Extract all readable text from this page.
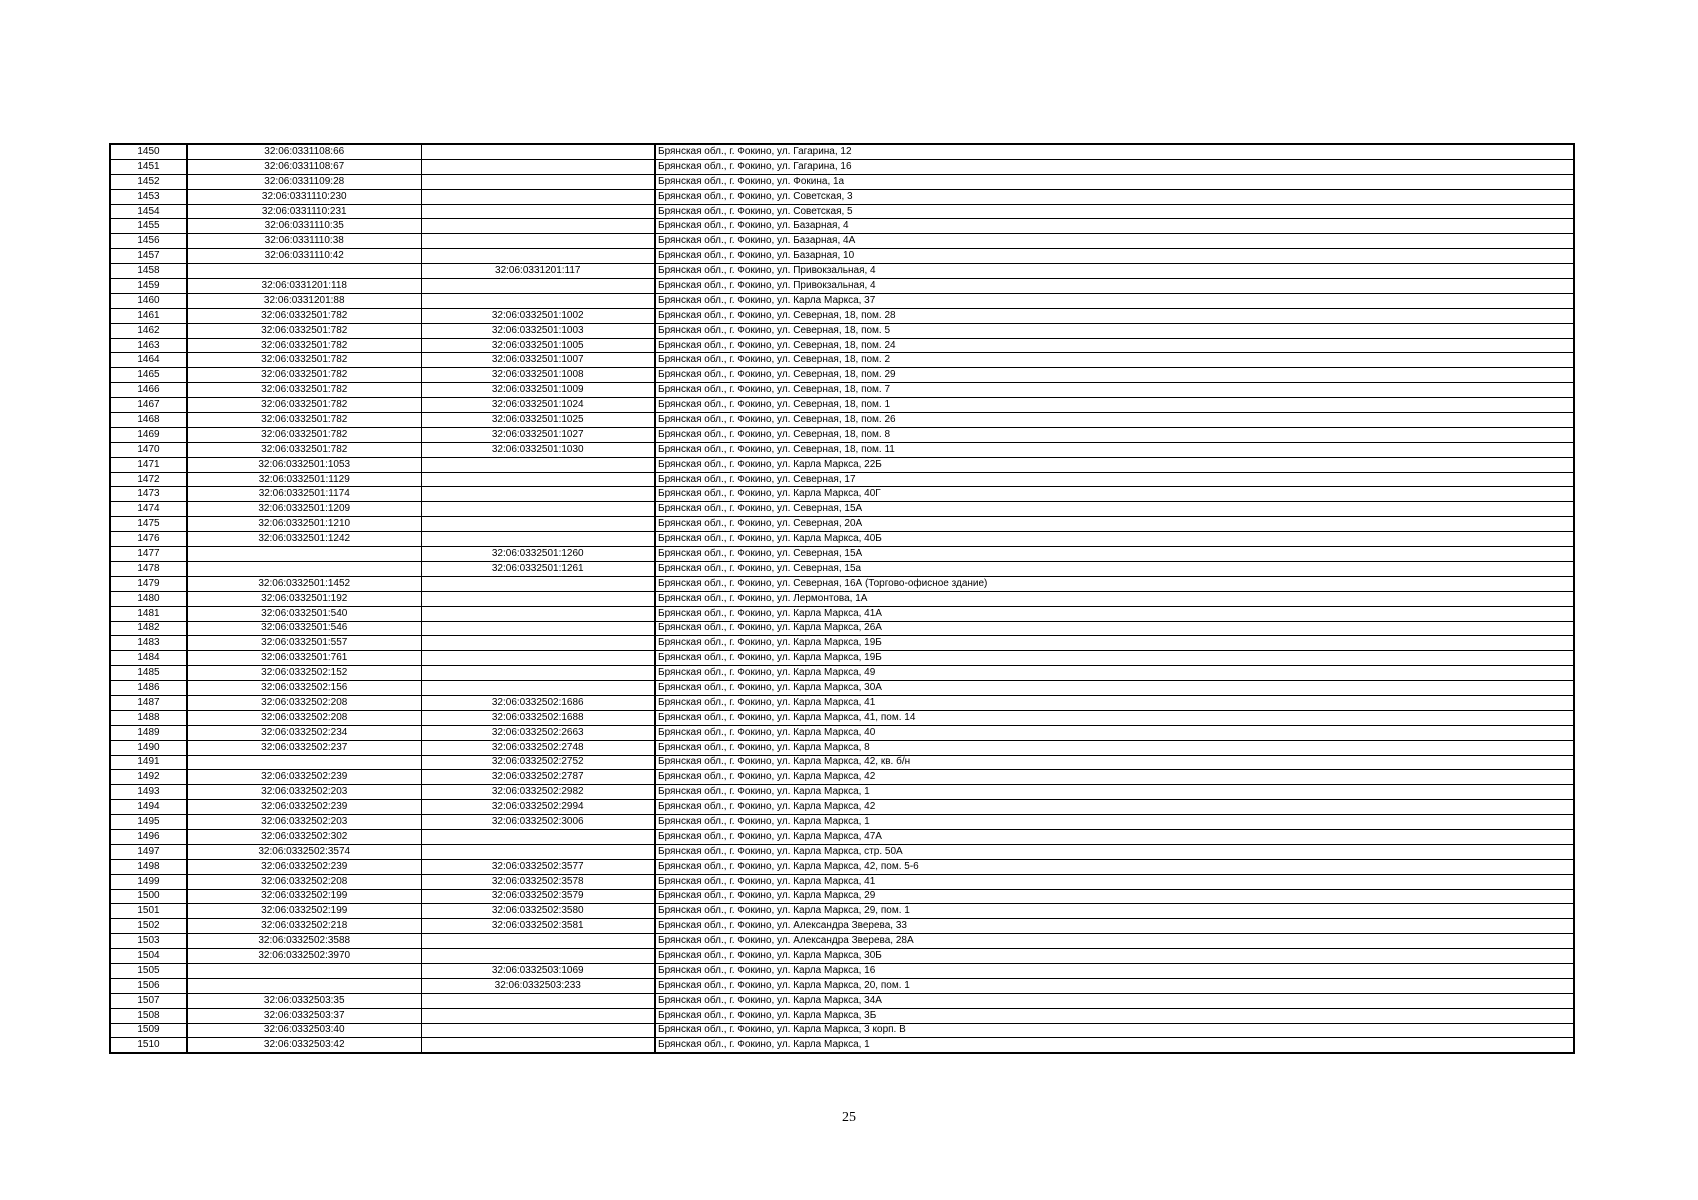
1450	32:06:0331108:66		Брянская обл., г. Фокино, ул. Гагарина, 12
1451	32:06:0331108:67		Брянская обл., г. Фокино, ул. Гагарина, 16
1452	32:06:0331109:28		Брянская обл., г. Фокино, ул. Фокина, 1а
1453	32:06:0331110:230		Брянская обл., г. Фокино, ул. Советская, 3
1454	32:06:0331110:231		Брянская обл., г. Фокино, ул. Советская, 5
1455	32:06:0331110:35		Брянская обл., г. Фокино, ул. Базарная, 4
1456	32:06:0331110:38		Брянская обл., г. Фокино, ул. Базарная, 4А
1457	32:06:0331110:42		Брянская обл., г. Фокино, ул. Базарная, 10
1458		32:06:0331201:117	Брянская обл., г. Фокино, ул. Привокзальная, 4
1459	32:06:0331201:118		Брянская обл., г. Фокино, ул. Привокзальная, 4
1460	32:06:0331201:88		Брянская обл., г. Фокино, ул. Карла Маркса, 37
1461	32:06:0332501:782	32:06:0332501:1002	Брянская обл., г. Фокино, ул. Северная, 18, пом. 28
1462	32:06:0332501:782	32:06:0332501:1003	Брянская обл., г. Фокино, ул. Северная, 18, пом. 5
1463	32:06:0332501:782	32:06:0332501:1005	Брянская обл., г. Фокино, ул. Северная, 18, пом. 24
1464	32:06:0332501:782	32:06:0332501:1007	Брянская обл., г. Фокино, ул. Северная, 18, пом. 2
1465	32:06:0332501:782	32:06:0332501:1008	Брянская обл., г. Фокино, ул. Северная, 18, пом. 29
1466	32:06:0332501:782	32:06:0332501:1009	Брянская обл., г. Фокино, ул. Северная, 18, пом. 7
1467	32:06:0332501:782	32:06:0332501:1024	Брянская обл., г. Фокино, ул. Северная, 18, пом. 1
1468	32:06:0332501:782	32:06:0332501:1025	Брянская обл., г. Фокино, ул. Северная, 18, пом. 26
1469	32:06:0332501:782	32:06:0332501:1027	Брянская обл., г. Фокино, ул. Северная, 18, пом. 8
1470	32:06:0332501:782	32:06:0332501:1030	Брянская обл., г. Фокино, ул. Северная, 18, пом. 11
1471	32:06:0332501:1053		Брянская обл., г. Фокино, ул. Карла Маркса, 22Б
1472	32:06:0332501:1129		Брянская обл., г. Фокино, ул. Северная, 17
1473	32:06:0332501:1174		Брянская обл., г. Фокино, ул. Карла Маркса, 40Г
1474	32:06:0332501:1209		Брянская обл., г. Фокино, ул. Северная, 15А
1475	32:06:0332501:1210		Брянская обл., г. Фокино, ул. Северная, 20А
1476	32:06:0332501:1242		Брянская обл., г. Фокино, ул. Карла Маркса, 40Б
1477		32:06:0332501:1260	Брянская обл., г. Фокино, ул. Северная, 15А
1478		32:06:0332501:1261	Брянская обл., г. Фокино, ул. Северная, 15а
1479	32:06:0332501:1452		Брянская обл., г. Фокино, ул. Северная, 16А (Торгово-офисное здание)
1480	32:06:0332501:192		Брянская обл., г. Фокино, ул. Лермонтова, 1А
1481	32:06:0332501:540		Брянская обл., г. Фокино, ул. Карла Маркса, 41А
1482	32:06:0332501:546		Брянская обл., г. Фокино, ул. Карла Маркса, 26А
1483	32:06:0332501:557		Брянская обл., г. Фокино, ул. Карла Маркса, 19Б
1484	32:06:0332501:761		Брянская обл., г. Фокино, ул. Карла Маркса, 19Б
1485	32:06:0332502:152		Брянская обл., г. Фокино, ул. Карла Маркса, 49
1486	32:06:0332502:156		Брянская обл., г. Фокино, ул. Карла Маркса, 30А
1487	32:06:0332502:208	32:06:0332502:1686	Брянская обл., г. Фокино, ул. Карла Маркса, 41
1488	32:06:0332502:208	32:06:0332502:1688	Брянская обл., г. Фокино, ул. Карла Маркса, 41, пом. 14
1489	32:06:0332502:234	32:06:0332502:2663	Брянская обл., г. Фокино, ул. Карла Маркса, 40
1490	32:06:0332502:237	32:06:0332502:2748	Брянская обл., г. Фокино, ул. Карла Маркса, 8
1491		32:06:0332502:2752	Брянская обл., г. Фокино, ул. Карла Маркса, 42, кв. б/н
1492	32:06:0332502:239	32:06:0332502:2787	Брянская обл., г. Фокино, ул. Карла Маркса, 42
1493	32:06:0332502:203	32:06:0332502:2982	Брянская обл., г. Фокино, ул. Карла Маркса, 1
1494	32:06:0332502:239	32:06:0332502:2994	Брянская обл., г. Фокино, ул. Карла Маркса, 42
1495	32:06:0332502:203	32:06:0332502:3006	Брянская обл., г. Фокино, ул. Карла Маркса, 1
1496	32:06:0332502:302		Брянская обл., г. Фокино, ул. Карла Маркса, 47А
1497	32:06:0332502:3574		Брянская обл., г. Фокино, ул. Карла Маркса, стр. 50А
1498	32:06:0332502:239	32:06:0332502:3577	Брянская обл., г. Фокино, ул. Карла Маркса, 42, пом. 5-6
1499	32:06:0332502:208	32:06:0332502:3578	Брянская обл., г. Фокино, ул. Карла Маркса, 41
1500	32:06:0332502:199	32:06:0332502:3579	Брянская обл., г. Фокино, ул. Карла Маркса, 29
1501	32:06:0332502:199	32:06:0332502:3580	Брянская обл., г. Фокино, ул. Карла Маркса, 29, пом. 1
1502	32:06:0332502:218	32:06:0332502:3581	Брянская обл., г. Фокино, ул. Александра Зверева, 33
1503	32:06:0332502:3588		Брянская обл., г. Фокино, ул. Александра Зверева, 28А
1504	32:06:0332502:3970		Брянская обл., г. Фокино, ул. Карла Маркса, 30Б
1505		32:06:0332503:1069	Брянская обл., г. Фокино, ул. Карла Маркса, 16
1506		32:06:0332503:233	Брянская обл., г. Фокино, ул. Карла Маркса, 20, пом. 1
1507	32:06:0332503:35		Брянская обл., г. Фокино, ул. Карла Маркса, 34А
1508	32:06:0332503:37		Брянская обл., г. Фокино, ул. Карла Маркса, 3Б
1509	32:06:0332503:40		Брянская обл., г. Фокино, ул. Карла Маркса, 3 корп. В
1510	32:06:0332503:42		Брянская обл., г. Фокино, ул. Карла Маркса, 1
25
